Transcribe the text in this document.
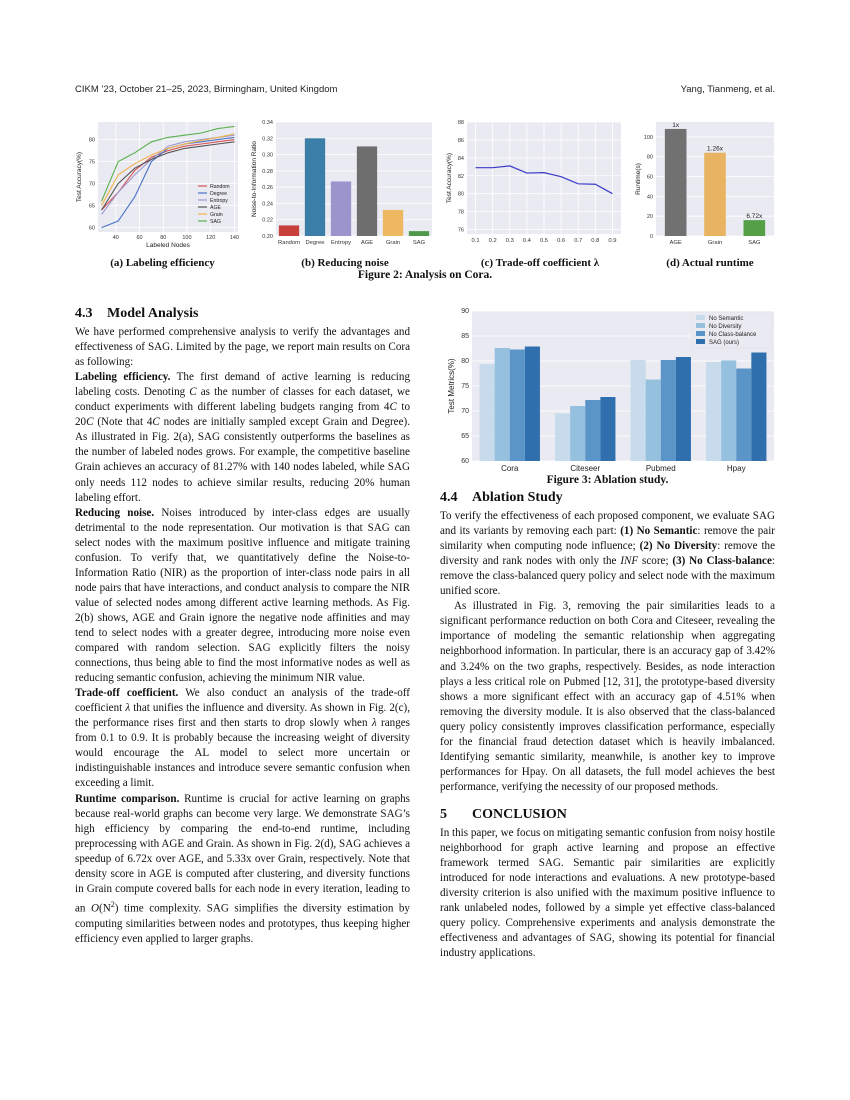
CIKM ’23, October 21–25, 2023, Birmingham, United Kingdom	Yang, Tianmeng, et al.
60
65
70
75
80
40	60	80	100	120	140
Labeled Nodes
Test Accuracy(%)	Random
Degree
Entropy
AGE
Grain
SAG
0.20
0.22
0.24
0.26
0.28
0.30
0.32
0.34
Noise-to-Information Ratio
Random Degree Entropy AGE Grain SAG
76
78
80
82
84
86
88
0.1 0.2 0.3 0.4 0.5 0.6 0.7 0.8 0.9
Test Accuracy(%)
0
20
40
60
80
100
Runtime(s)
1x
AGE
1.26x
Grain
6.72x
SAG
(a) Labeling efficiency	(b) Reducing noise	(c) Trade-off coefficient λ	(d) Actual runtime
Figure 2: Analysis on Cora.
60
65
70
75
80
85
90
Test Metrics(%)
Cora	Citeseer	Pubmed	Hpay
No Semantic
No Diversity
No Class-balance
SAG (ours)
Figure 3: Ablation study.
4.3 Model Analysis

We have performed comprehensive analysis to verify the advantages and effectiveness of SAG. Limited by the page, we report main results on Cora as following:

Labeling efficiency. The first demand of active learning is reducing labeling costs. Denoting C as the number of classes for each dataset, we conduct experiments with different labeling budgets ranging from 4C to 20C (Note that 4C nodes are initially sampled except Grain and Degree). As illustrated in Fig. 2(a), SAG consistently outperforms the baselines as the number of labeled nodes grows. For example, the competitive baseline Grain achieves an accuracy of 81.27% with 140 nodes labeled, while SAG only needs 112 nodes to achieve similar results, reducing 20% human labeling effort.

Reducing noise. Noises introduced by inter-class edges are usually detrimental to the node representation. Our motivation is that SAG can select nodes with the maximum positive influence and mitigate training confusion. To verify that, we quantitatively define the Noise-to-Information Ratio (NIR) as the proportion of inter-class node pairs in all node pairs that have interactions, and conduct analysis to compare the NIR value of selected nodes among different active learning methods. As Fig. 2(b) shows, AGE and Grain ignore the negative node affinities and may tend to select nodes with a greater degree, introducing more noise even compared with random selection. SAG explicitly filters the noisy connections, thus being able to find the most informative nodes as well as reducing semantic confusion, achieving the minimum NIR value.

Trade-off coefficient. We also conduct an analysis of the trade-off coefficient λ that unifies the influence and diversity. As shown in Fig. 2(c), the performance rises first and then starts to drop slowly when λ ranges from 0.1 to 0.9. It is probably because the increasing weight of diversity would encourage the AL model to select more uncertain or indistinguishable instances and introduce severe semantic confusion when exceeding a limit.

Runtime comparison. Runtime is crucial for active learning on graphs because real-world graphs can become very large. We demonstrate SAG’s high efficiency by comparing the end-to-end runtime, including preprocessing with AGE and Grain. As shown in Fig. 2(d), SAG achieves a speedup of 6.72x over AGE, and 5.33x over Grain, respectively. Note that density score in AGE is computed after clustering, and diversity functions in Grain compute covered balls for each node in every iteration, leading to an $O(N^2)$ time complexity. SAG simplifies the diversity estimation by computing similarities between nodes and prototypes, thus keeping higher efficiency even applied to larger graphs.

4.4 Ablation Study

To verify the effectiveness of each proposed component, we evaluate SAG and its variants by removing each part: (1) No Semantic: remove the pair similarity when computing node influence; (2) No Diversity: remove the diversity and rank nodes with only the INF score; (3) No Class-balance: remove the class-balanced query policy and select node with the maximum unified score.

As illustrated in Fig. 3, removing the pair similarities leads to a significant performance reduction on both Cora and Citeseer, revealing the importance of modeling the semantic relationship when aggregating neighborhood information. In particular, there is an accuracy gap of 3.42% and 3.24% on the two graphs, respectively. Besides, as node interaction plays a less critical role on Pubmed [12, 31], the prototype-based diversity shows a more significant effect with an accuracy gap of 4.51% when removing the diversity module. It is also observed that the class-balanced query policy consistently improves classification performance, especially for the financial fraud detection dataset which is heavily imbalanced. Identifying semantic similarity, meanwhile, is another key to improve performances for Hpay. On all datasets, the full model achieves the best performance, verifying the necessity of our proposed methods.

5 CONCLUSION

In this paper, we focus on mitigating semantic confusion from noisy hostile neighborhood for graph active learning and propose an effective framework termed SAG. Semantic pair similarities are explicitly introduced for node interactions and evaluations. A new prototype-based diversity criterion is also unified with the maximum positive influence to rank unlabeled nodes, followed by a simple yet effective class-balanced query policy. Comprehensive experiments and analysis demonstrate the effectiveness and advantages of SAG, showing its potential for financial industry applications.
